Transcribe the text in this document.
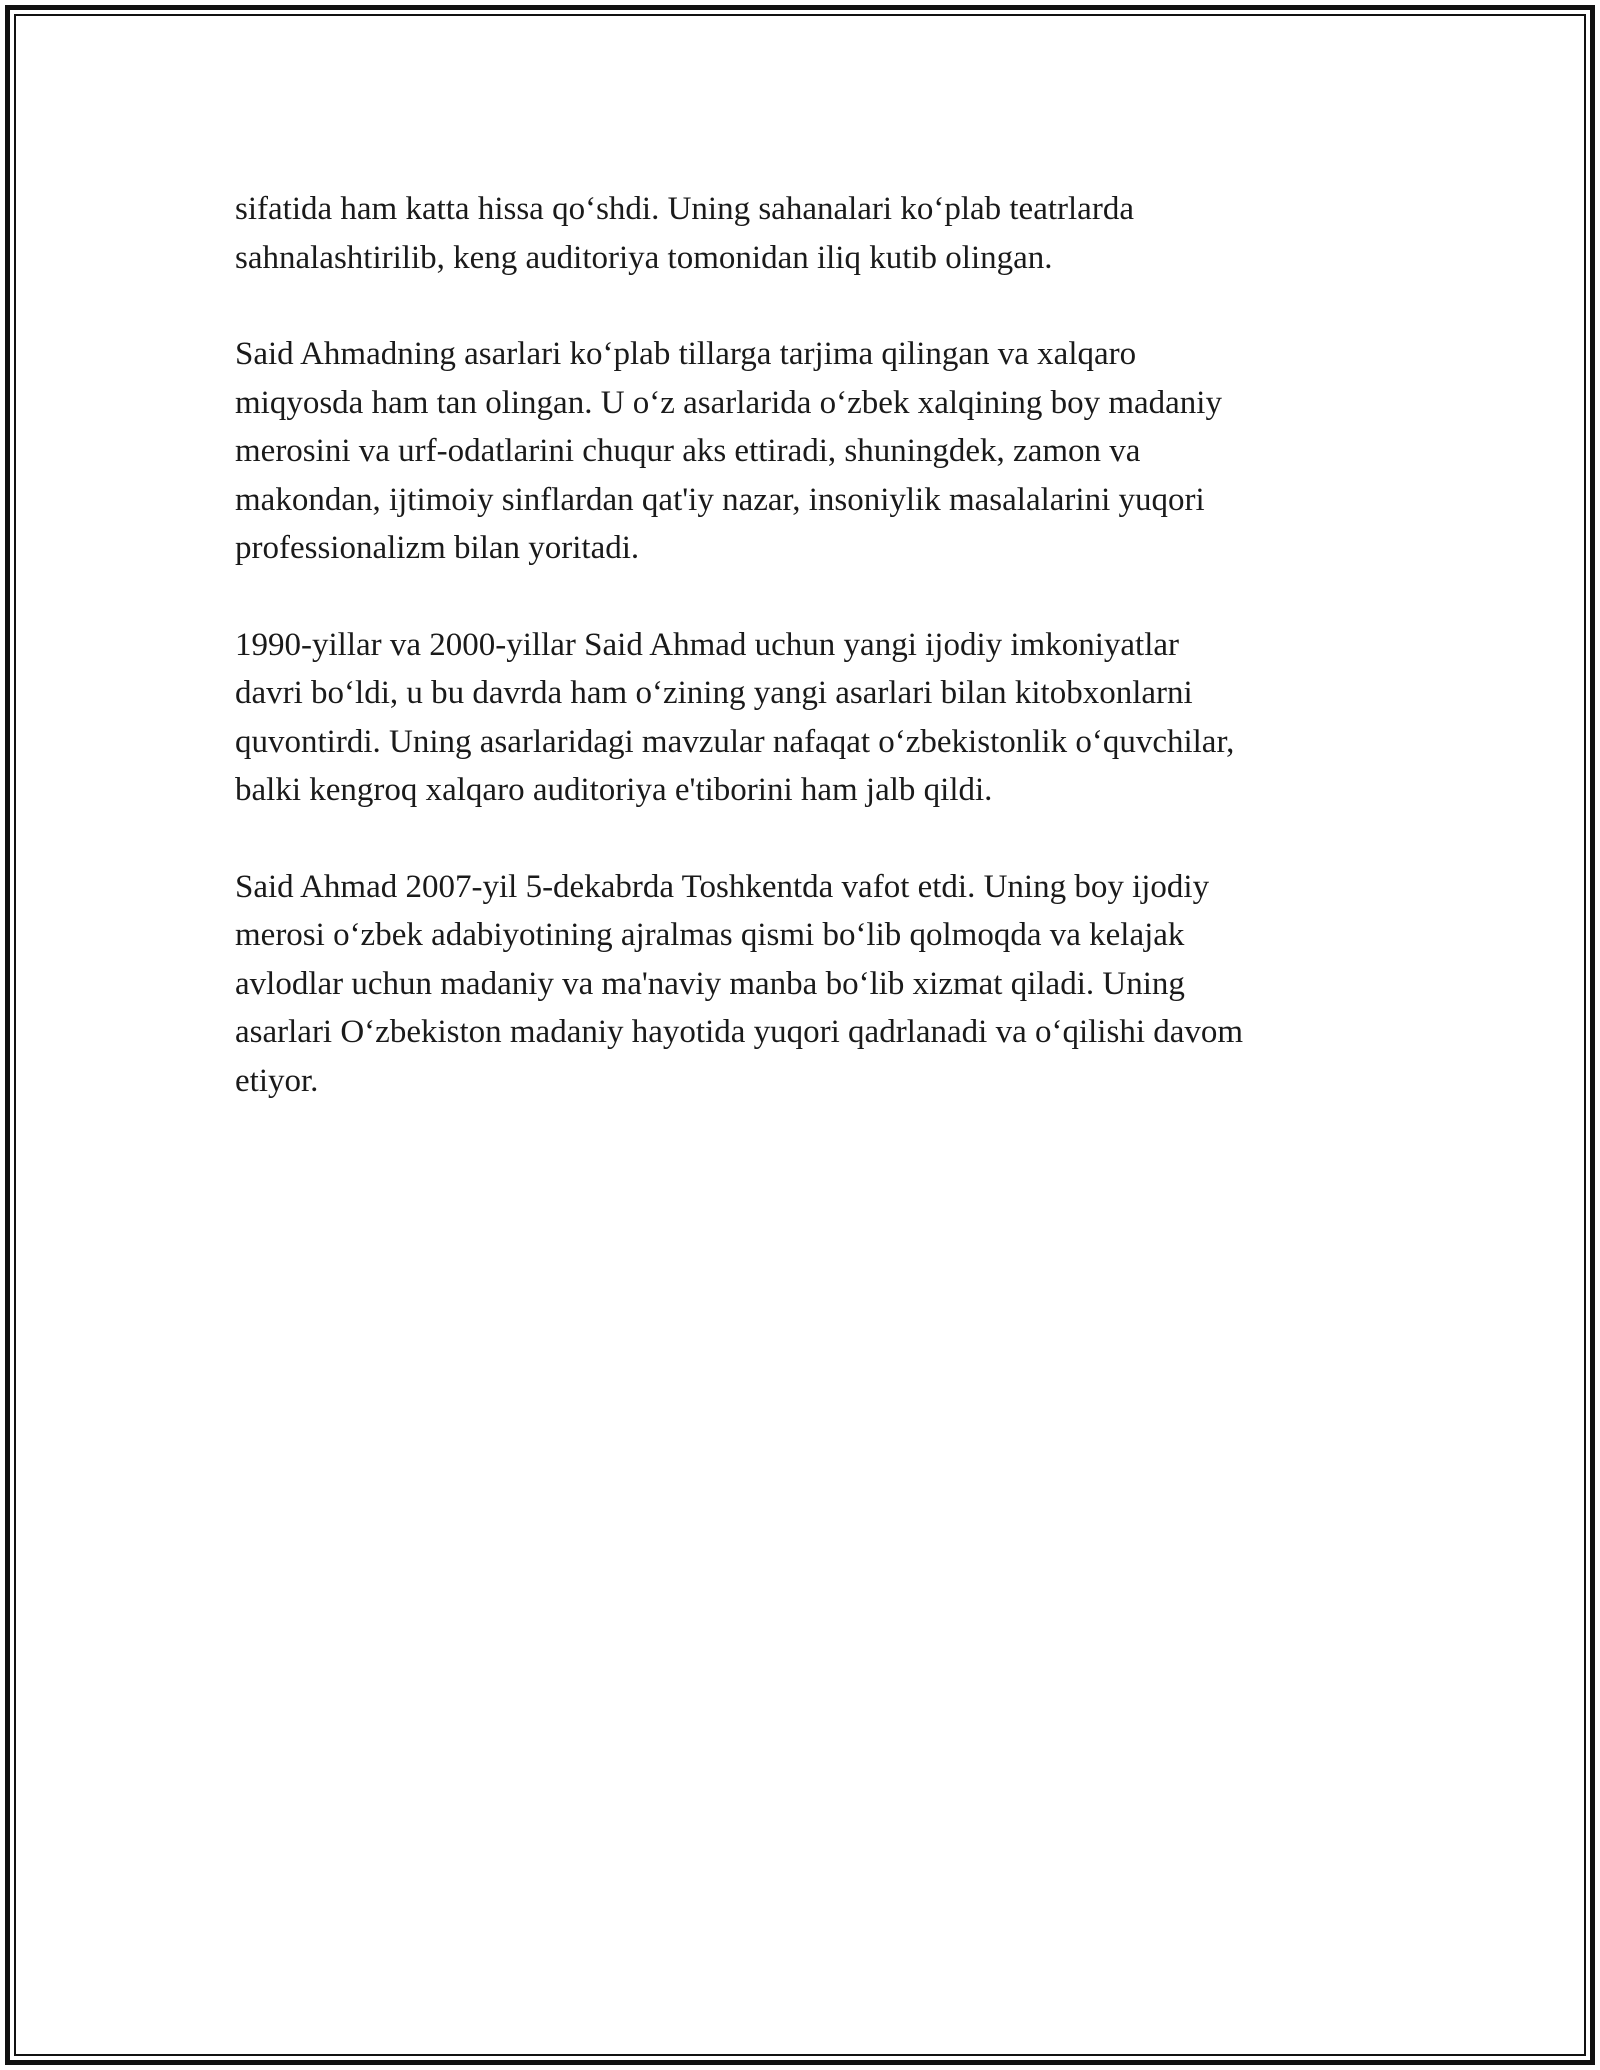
sifatida ham katta hissa qo‘shdi. Uning sahanalari ko‘plab teatrlarda
sahnalashtirilib, keng auditoriya tomonidan iliq kutib olingan.

Said Ahmadning asarlari ko‘plab tillarga tarjima qilingan va xalqaro
miqyosda ham tan olingan. U o‘z asarlarida o‘zbek xalqining boy madaniy
merosini va urf-odatlarini chuqur aks ettiradi, shuningdek, zamon va
makondan, ijtimoiy sinflardan qat'iy nazar, insoniylik masalalarini yuqori
professionalizm bilan yoritadi.

1990-yillar va 2000-yillar Said Ahmad uchun yangi ijodiy imkoniyatlar
davri bo‘ldi, u bu davrda ham o‘zining yangi asarlari bilan kitobxonlarni
quvontirdi. Uning asarlaridagi mavzular nafaqat o‘zbekistonlik o‘quvchilar,
balki kengroq xalqaro auditoriya e'tiborini ham jalb qildi.

Said Ahmad 2007-yil 5-dekabrda Toshkentda vafot etdi. Uning boy ijodiy
merosi o‘zbek adabiyotining ajralmas qismi bo‘lib qolmoqda va kelajak
avlodlar uchun madaniy va ma'naviy manba bo‘lib xizmat qiladi. Uning
asarlari O‘zbekiston madaniy hayotida yuqori qadrlanadi va o‘qilishi davom
etiyor.
